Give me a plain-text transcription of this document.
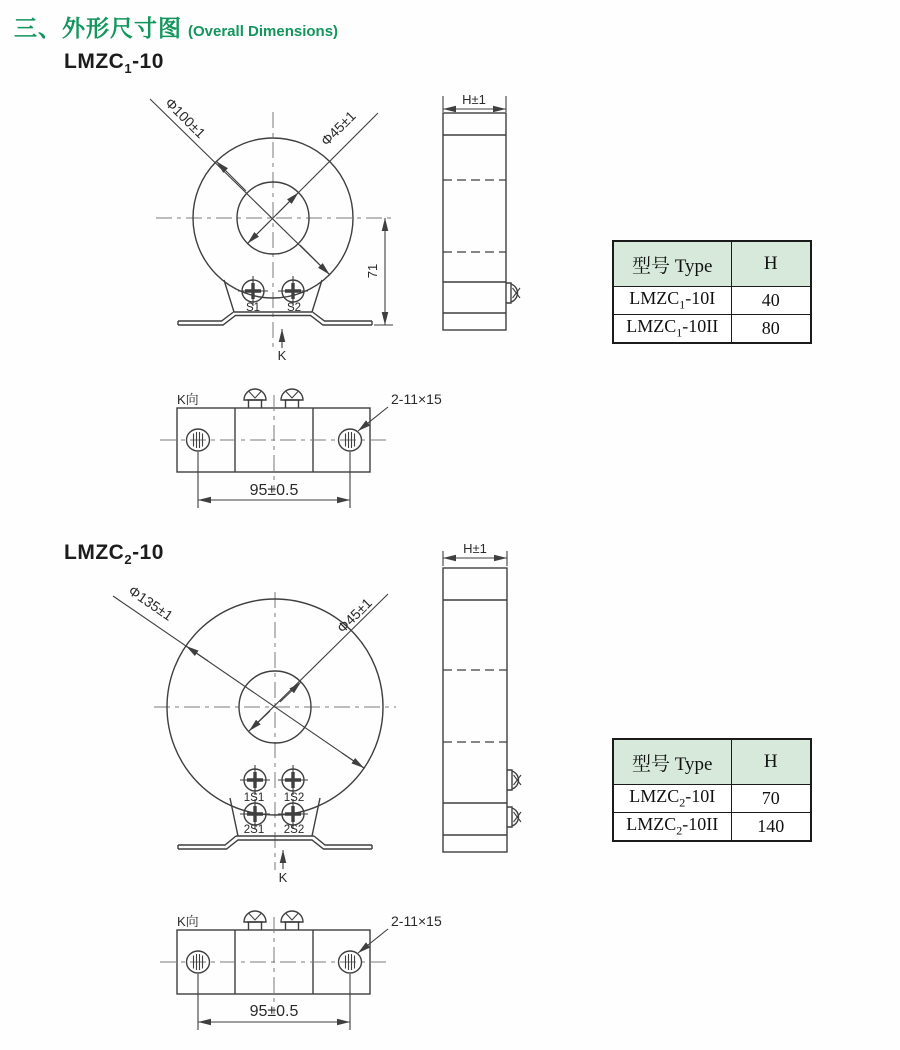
三、外形尺寸图 (Overall Dimensions)
$LMZC_1-10$
$LMZC_2-10$
Φ100±1	Φ45±1
71
S1 S2
K
H±1
K向	2-11×15
95±0.5
Φ135±1	Φ45±1
1S1 1S2
2S1 2S2
K
H±1
K向	2-11×15
95±0.5
型号 Type	H
$LMZC_1-10I$	40
$LMZC_1-10II$	80
型号 Type	H
$LMZC_2-10I$	70
$LMZC_2-10II$	140
